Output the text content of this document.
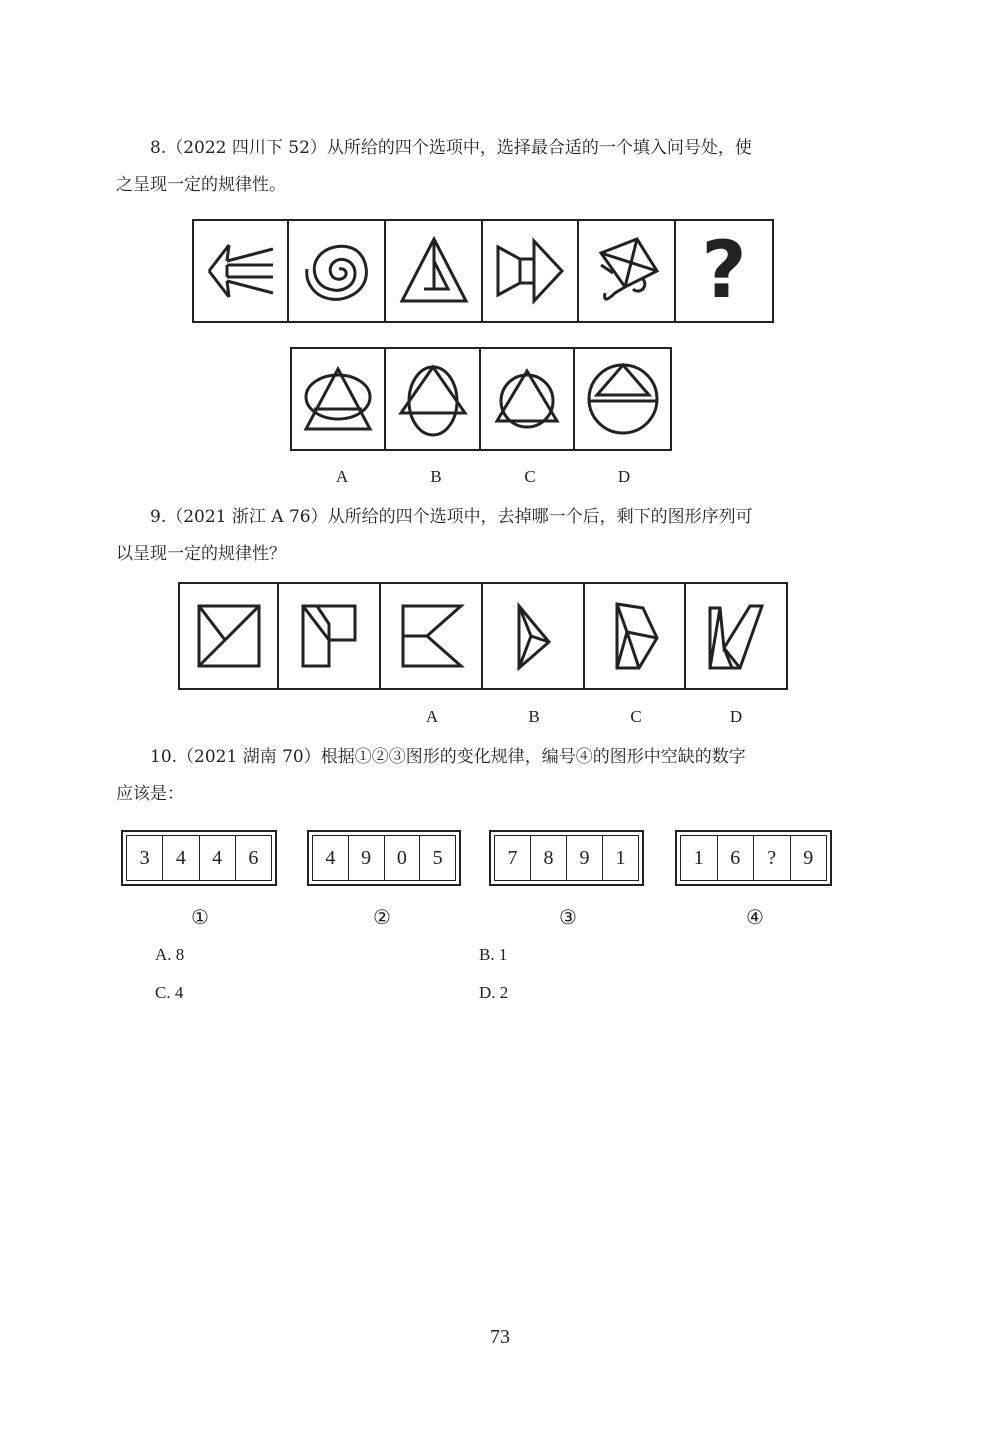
8.（2022 四川下 52）从所给的四个选项中，选择最合适的一个填入问号处，使
之呈现一定的规律性。
?
A	B	C	D
9.（2021 浙江 A 76）从所给的四个选项中，去掉哪一个后，剩下的图形序列可
以呈现一定的规律性？
A	B	C	D
10.（2021 湖南 70）根据①②③图形的变化规律，编号④的图形中空缺的数字
应该是：
3	4	4	6	4	9	0	5	7	8	9	1	1	6	?	9
①	②	③	④
A. 8	B. 1
C. 4	D. 2
73
